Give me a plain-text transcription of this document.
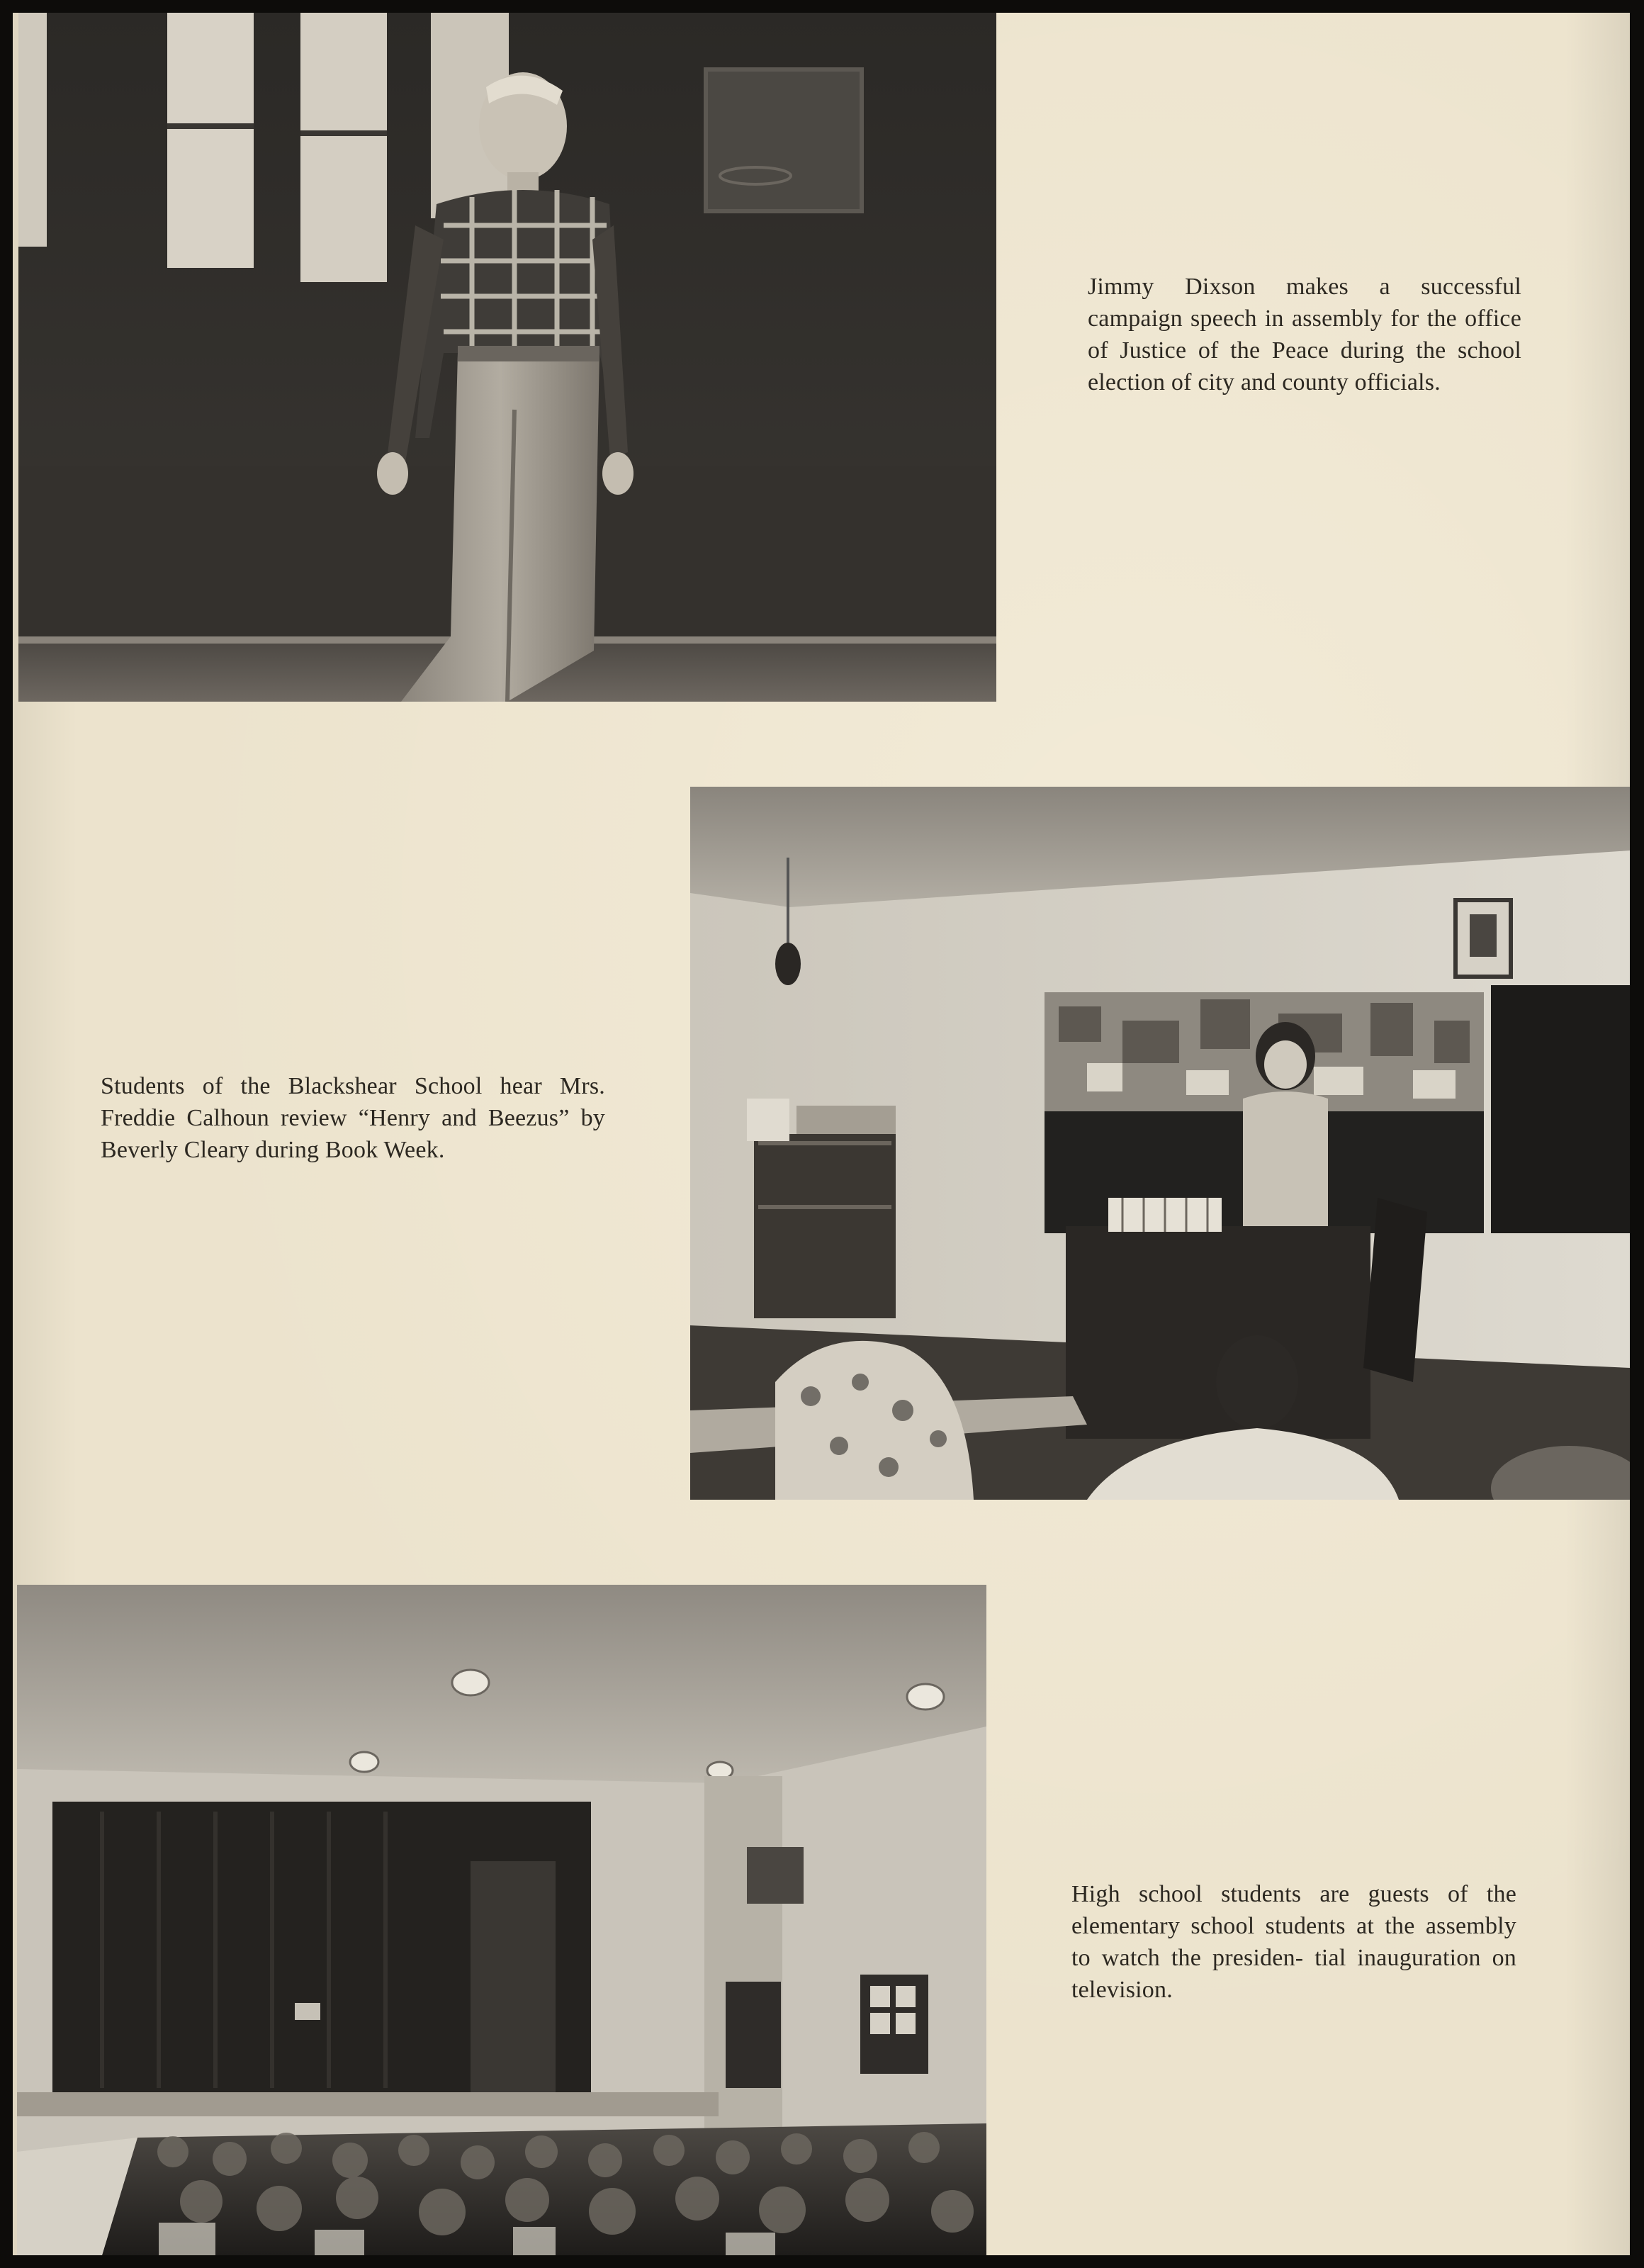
Jimmy Dixson makes a successful campaign speech in assembly for the office of Justice of the Peace during the school election of city and county officials.

Students of the Blackshear School hear Mrs. Freddie Calhoun review “Henry and Beezus” by Beverly Cleary during Book Week.

High school students are guests of the elementary school students at the assembly to watch the presiden- tial inauguration on television.
